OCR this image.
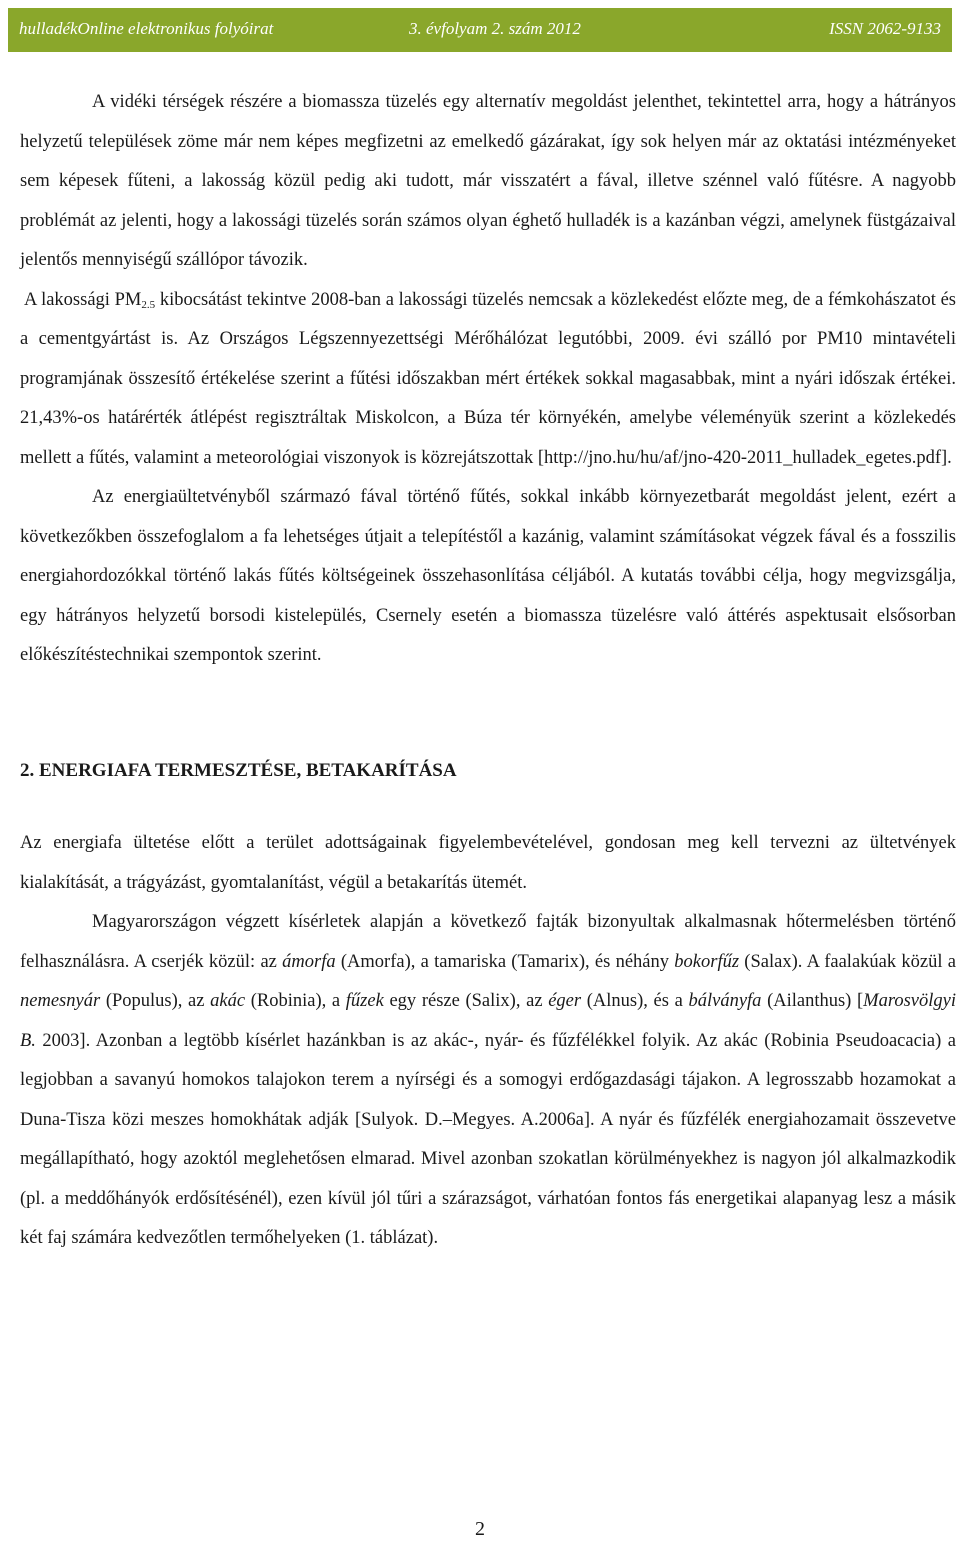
hulladékOnline elektronikus folyóirat	3. évfolyam 2. szám 2012	ISSN 2062-9133

A vidéki térségek részére a biomassza tüzelés egy alternatív megoldást jelenthet, tekintettel arra, hogy a hátrányos helyzetű települések zöme már nem képes megfizetni az emelkedő gázárakat, így sok helyen már az oktatási intézményeket sem képesek fűteni, a lakosság közül pedig aki tudott, már visszatért a fával, illetve szénnel való fűtésre. A nagyobb problémát az jelenti, hogy a lakossági tüzelés során számos olyan éghető hulladék is a kazánban végzi, amelynek füstgázaival jelentős mennyiségű szállópor távozik.

A lakossági $PM_{2.5}$ kibocsátást tekintve 2008-ban a lakossági tüzelés nemcsak a közlekedést előzte meg, de a fémkohászatot és a cementgyártást is. Az Országos Légszennyezettségi Mérőhálózat legutóbbi, 2009. évi szálló por PM10 mintavételi programjának összesítő értékelése szerint a fűtési időszakban mért értékek sokkal magasabbak, mint a nyári időszak értékei. 21,43%-os határérték átlépést regisztráltak Miskolcon, a Búza tér környékén, amelybe véleményük szerint a közlekedés mellett a fűtés, valamint a meteorológiai viszonyok is közrejátszottak [http://jno.hu/hu/af/jno-420-2011_hulladek_egetes.pdf].

Az energiaültetvényből származó fával történő fűtés, sokkal inkább környezetbarát megoldást jelent, ezért a következőkben összefoglalom a fa lehetséges útjait a telepítéstől a kazánig, valamint számításokat végzek fával és a fosszilis energiahordozókkal történő lakás fűtés költségeinek összehasonlítása céljából. A kutatás további célja, hogy megvizsgálja, egy hátrányos helyzetű borsodi kistelepülés, Csernely esetén a biomassza tüzelésre való áttérés aspektusait elsősorban előkészítéstechnikai szempontok szerint.

2. ENERGIAFA TERMESZTÉSE, BETAKARÍTÁSA

Az energiafa ültetése előtt a terület adottságainak figyelembevételével, gondosan meg kell tervezni az ültetvények kialakítását, a trágyázást, gyomtalanítást, végül a betakarítás ütemét.

Magyarországon végzett kísérletek alapján a következő fajták bizonyultak alkalmasnak hőtermelésben történő felhasználásra. A cserjék közül: az ámorfa (Amorfa), a tamariska (Tamarix), és néhány bokorfűz (Salax). A faalakúak közül a nemesnyár (Populus), az akác (Robinia), a fűzek egy része (Salix), az éger (Alnus), és a bálványfa (Ailanthus) [Marosvölgyi B. 2003]. Azonban a legtöbb kísérlet hazánkban is az akác-, nyár- és fűzfélékkel folyik. Az akác (Robinia Pseudoacacia) a legjobban a savanyú homokos talajokon terem a nyírségi és a somogyi erdőgazdasági tájakon. A legrosszabb hozamokat a Duna-Tisza közi meszes homokhátak adják [Sulyok. D.–Megyes. A.2006a]. A nyár és fűzfélék energiahozamait összevetve megállapítható, hogy azoktól meglehetősen elmarad. Mivel azonban szokatlan körülményekhez is nagyon jól alkalmazkodik (pl. a meddőhányók erdősítésénél), ezen kívül jól tűri a szárazságot, várhatóan fontos fás energetikai alapanyag lesz a másik két faj számára kedvezőtlen termőhelyeken (1. táblázat).

2
